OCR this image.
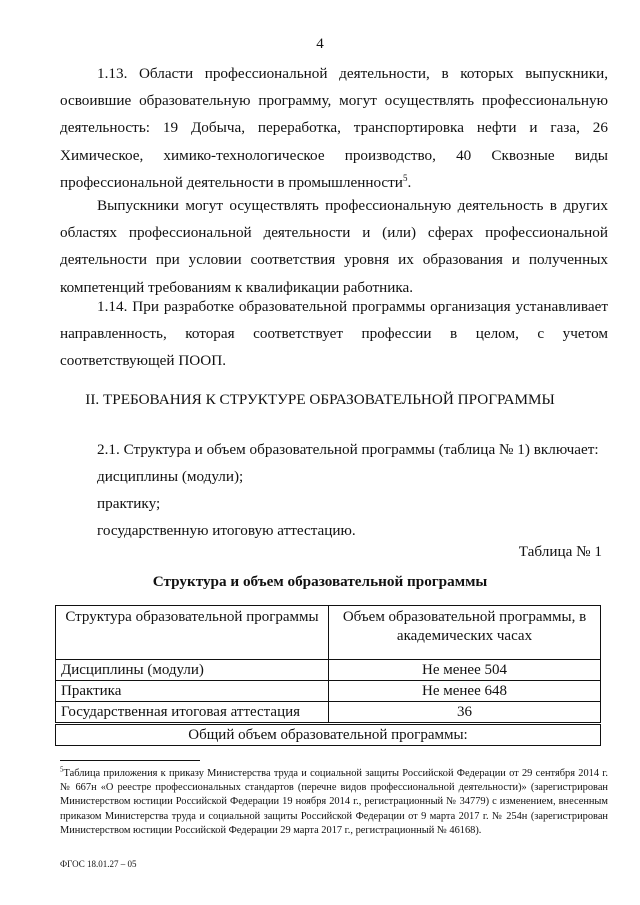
4

1.13. Области профессиональной деятельности, в которых выпускники, освоившие образовательную программу, могут осуществлять профессиональную деятельность: 19 Добыча, переработка, транспортировка нефти и газа, 26 Химическое, химико-технологическое производство, 40 Сквозные виды профессиональной деятельности в промышленности$^5$.

Выпускники могут осуществлять профессиональную деятельность в других областях профессиональной деятельности и (или) сферах профессиональной деятельности при условии соответствия уровня их образования и полученных компетенций требованиям к квалификации работника.

1.14. При разработке образовательной программы организация устанавливает направленность, которая соответствует профессии в целом, с учетом соответствующей ПООП.

II. ТРЕБОВАНИЯ К СТРУКТУРЕ ОБРАЗОВАТЕЛЬНОЙ ПРОГРАММЫ

2.1. Структура и объем образовательной программы (таблица № 1) включает:

дисциплины (модули);

практику;

государственную итоговую аттестацию.

Таблица № 1

Структура и объем образовательной программы

Структура образовательной программы	Объем образовательной программы, в академических часах
Дисциплины (модули)	Не менее 504
Практика	Не менее 648
Государственная итоговая аттестация	36
Общий объем образовательной программы:	

$^5$Таблица приложения к приказу Министерства труда и социальной защиты Российской Федерации от 29 сентября 2014 г. № 667н «О реестре профессиональных стандартов (перечне видов профессиональной деятельности)» (зарегистрирован Министерством юстиции Российской Федерации 19 ноября 2014 г., регистрационный № 34779) с изменением, внесенным приказом Министерства труда и социальной защиты Российской Федерации от 9 марта 2017 г. № 254н (зарегистрирован Министерством юстиции Российской Федерации 29 марта 2017 г., регистрационный № 46168).

ФГОС 18.01.27 – 05
